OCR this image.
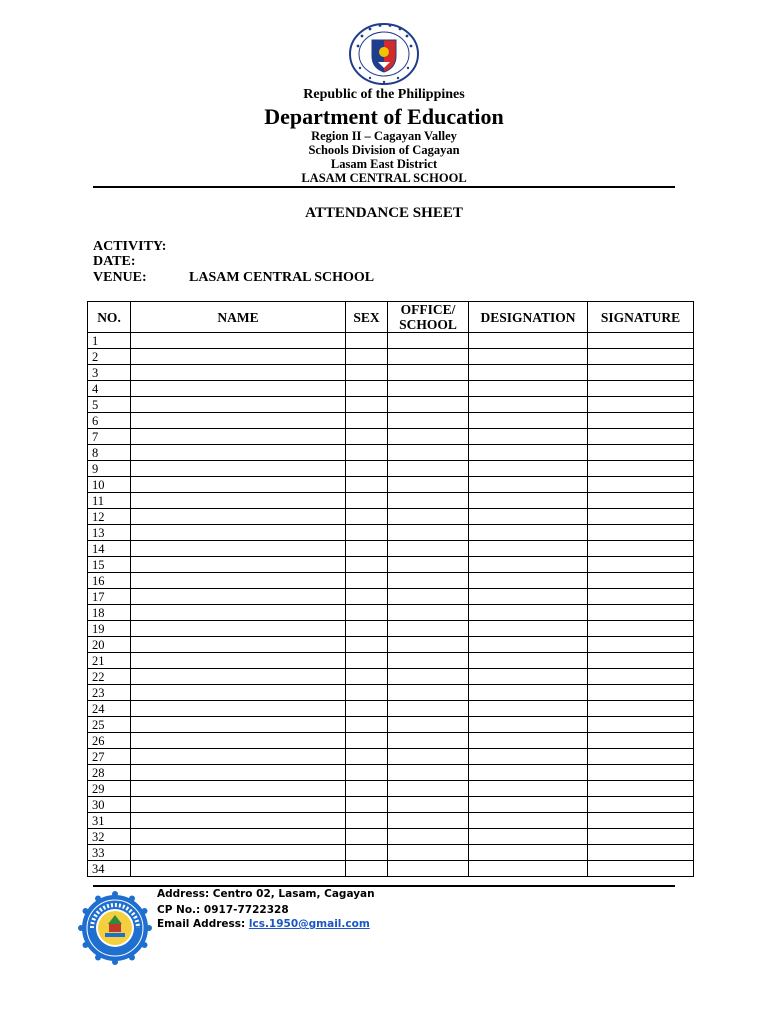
Republic of the Philippines
Department of Education
Region II – Cagayan Valley
Schools Division of Cagayan
Lasam East District
LASAM CENTRAL SCHOOL
ATTENDANCE SHEET
ACTIVITY:
DATE:
VENUE:	LASAM CENTRAL SCHOOL
NO.	NAME	SEX	OFFICE/ SCHOOL	DESIGNATION	SIGNATURE
1					
2					
3					
4					
5					
6					
7					
8					
9					
10					
11					
12					
13					
14					
15					
16					
17					
18					
19					
20					
21					
22					
23					
24					
25					
26					
27					
28					
29					
30					
31					
32					
33					
34					
Address: Centro 02, Lasam, Cagayan
CP No.: 0917-7722328
Email Address: lcs.1950@gmail.com
